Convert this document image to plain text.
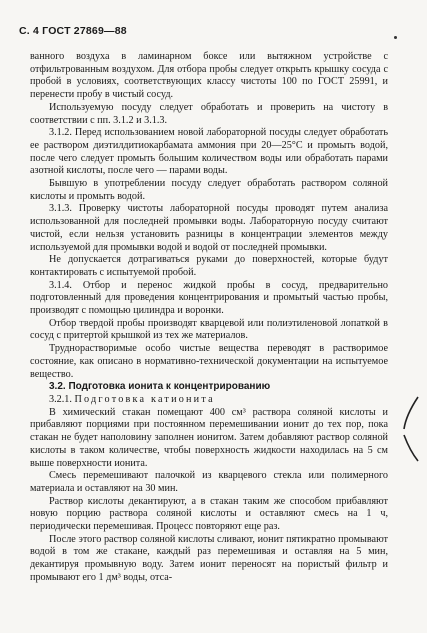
С. 4 ГОСТ 27869—88

ванного воздуха в ламинарном боксе или вытяжном устройстве с отфильтрованным воздухом. Для отбора пробы следует открыть крышку сосуда с пробой в условиях, соответствующих классу чистоты 100 по ГОСТ 25991, и перенести пробу в чистый сосуд.

Используемую посуду следует обработать и проверить на чистоту в соответствии с пп. 3.1.2 и 3.1.3.

3.1.2. Перед использованием новой лабораторной посуды следует обработать ее раствором диэтилдитиокарбамата аммония при 20—25°С и промыть водой, после чего следует промыть большим количеством воды или обработать парами азотной кислоты, после чего — парами воды.

Бывшую в употреблении посуду следует обработать раствором соляной кислоты и промыть водой.

3.1.3. Проверку чистоты лабораторной посуды проводят путем анализа использованной для последней промывки воды. Лабораторную посуду считают чистой, если нельзя установить разницы в концентрации элементов между используемой для промывки водой и водой от последней промывки.

Не допускается дотрагиваться руками до поверхностей, которые будут контактировать с испытуемой пробой.

3.1.4. Отбор и перенос жидкой пробы в сосуд, предварительно подготовленный для проведения концентрирования и промытый частью пробы, производят с помощью цилиндра и воронки.

Отбор твердой пробы производят кварцевой или полиэтиленовой лопаткой в сосуд с притертой крышкой из тех же материалов.

Труднорастворимые особо чистые вещества переводят в растворимое состояние, как описано в нормативно-технической документации на испытуемое вещество.

3.2. Подготовка ионита к концентрированию

3.2.1. Подготовка катионита

В химический стакан помещают 400 см³ раствора соляной кислоты и прибавляют порциями при постоянном перемешивании ионит до тех пор, пока стакан не будет наполовину заполнен ионитом. Затем добавляют раствор соляной кислоты в таком количестве, чтобы поверхность жидкости находилась на 5 см выше поверхности ионита.

Смесь перемешивают палочкой из кварцевого стекла или полимерного материала и оставляют на 30 мин.

Раствор кислоты декантируют, а в стакан таким же способом прибавляют новую порцию раствора соляной кислоты и оставляют смесь на 1 ч, периодически перемешивая. Процесс повторяют еще раз.

После этого раствор соляной кислоты сливают, ионит пятикратно промывают водой в том же стакане, каждый раз перемешивая и оставляя на 5 мин, декантируя промывную воду. Затем ионит переносят на пористый фильтр и промывают его 1 дм³ воды, отса-
